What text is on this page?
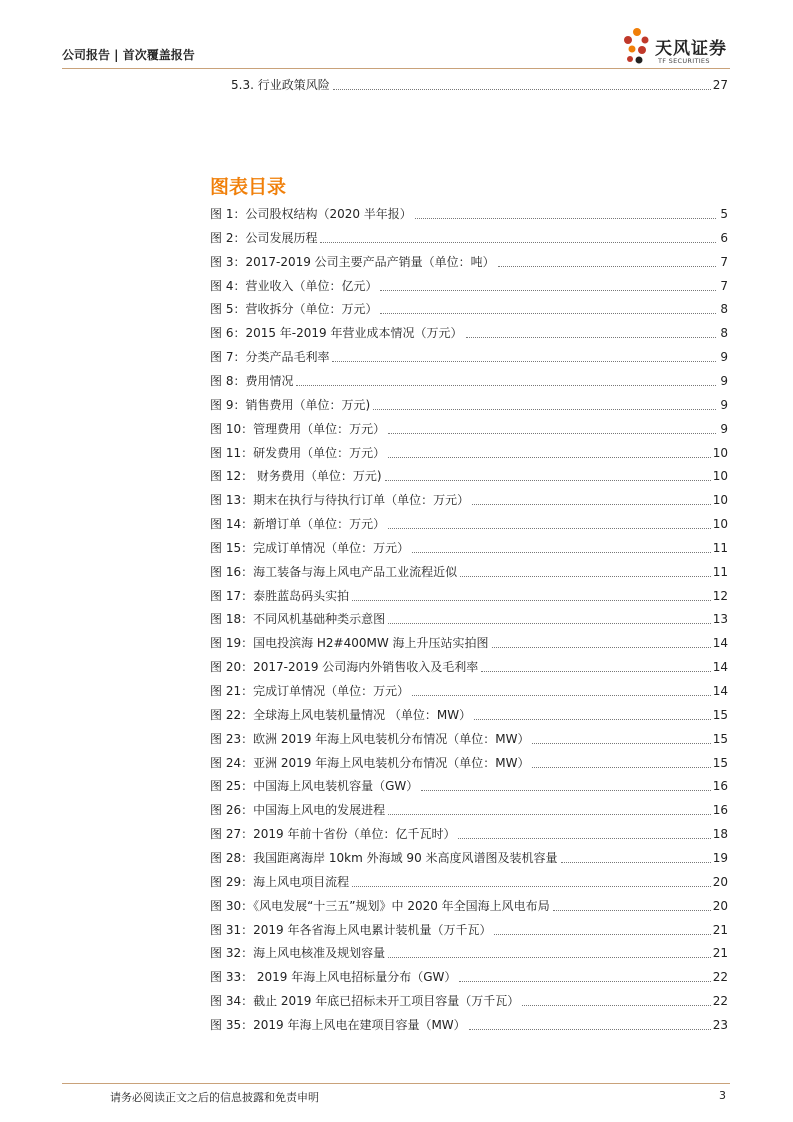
公司报告 | 首次覆盖报告	天风证券
TF SECURITIES
5.3. 行业政策风险	27
图表目录
图 1：公司股权结构（2020 半年报）	5
图 2：公司发展历程	6
图 3：2017-2019 公司主要产品产销量（单位：吨）	7
图 4：营业收入（单位：亿元）	7
图 5：营收拆分（单位：万元）	8
图 6：2015 年-2019 年营业成本情况（万元）	8
图 7：分类产品毛利率	9
图 8：费用情况	9
图 9：销售费用（单位：万元)	9
图 10：管理费用（单位：万元）	9
图 11：研发费用（单位：万元）	10
图 12： 财务费用（单位：万元)	10
图 13：期末在执行与待执行订单（单位：万元）	10
图 14：新增订单（单位：万元）	10
图 15：完成订单情况（单位：万元）	11
图 16：海工装备与海上风电产品工业流程近似	11
图 17：泰胜蓝岛码头实拍	12
图 18：不同风机基础种类示意图	13
图 19：国电投滨海 H2#400MW 海上升压站实拍图	14
图 20：2017-2019 公司海内外销售收入及毛利率	14
图 21：完成订单情况（单位：万元）	14
图 22：全球海上风电装机量情况 （单位：MW）	15
图 23：欧洲 2019 年海上风电装机分布情况（单位：MW）	15
图 24：亚洲 2019 年海上风电装机分布情况（单位：MW）	15
图 25：中国海上风电装机容量（GW）	16
图 26：中国海上风电的发展进程	16
图 27：2019 年前十省份（单位：亿千瓦时）	18
图 28：我国距离海岸 10km 外海域 90 米高度风谱图及装机容量	19
图 29：海上风电项目流程	20
图 30：《风电发展“十三五”规划》中 2020 年全国海上风电布局	20
图 31：2019 年各省海上风电累计装机量（万千瓦）	21
图 32：海上风电核准及规划容量	21
图 33： 2019 年海上风电招标量分布（GW）	22
图 34：截止 2019 年底已招标未开工项目容量（万千瓦）	22
图 35：2019 年海上风电在建项目容量（MW）	23
请务必阅读正文之后的信息披露和免责申明	3
